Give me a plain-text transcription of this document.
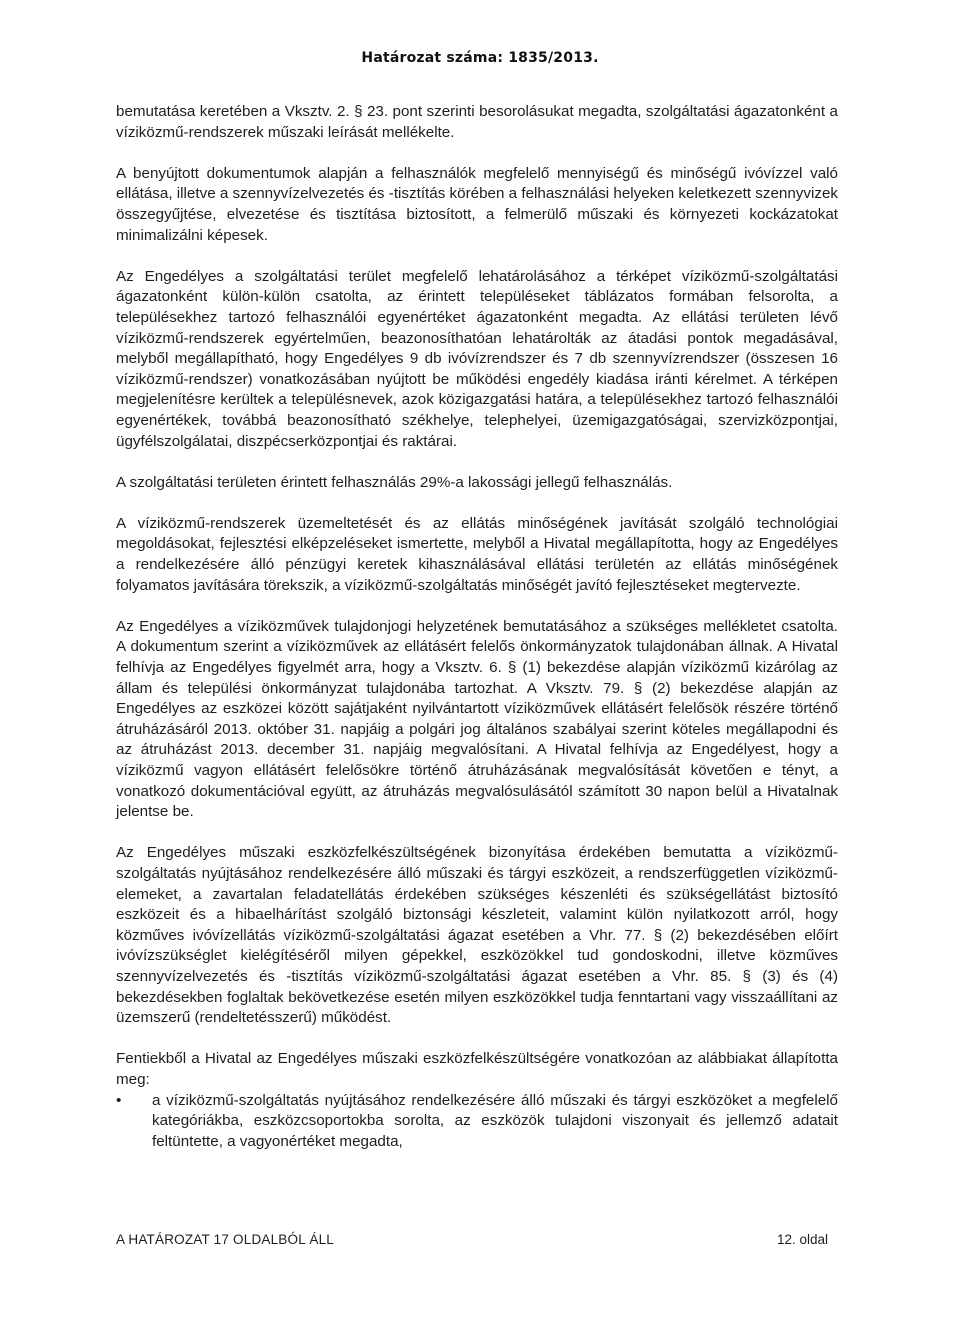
Határozat száma: 1835/2013.

bemutatása keretében a Vksztv. 2. § 23. pont szerinti besorolásukat megadta, szolgáltatási ágazatonként a víziközmű-rendszerek műszaki leírását mellékelte.

A benyújtott dokumentumok alapján a felhasználók megfelelő mennyiségű és minőségű ivóvízzel való ellátása, illetve a szennyvízelvezetés és -tisztítás körében a felhasználási helyeken keletkezett szennyvizek összegyűjtése, elvezetése és tisztítása biztosított, a felmerülő műszaki és környezeti kockázatokat minimalizálni képesek.

Az Engedélyes a szolgáltatási terület megfelelő lehatárolásához a térképet víziközmű-szolgáltatási ágazatonként külön-külön csatolta, az érintett településeket táblázatos formában felsorolta, a településekhez tartozó felhasználói egyenértéket ágazatonként megadta. Az ellátási területen lévő víziközmű-rendszerek egyértelműen, beazonosíthatóan lehatárolták az átadási pontok megadásával, melyből megállapítható, hogy Engedélyes 9 db ivóvízrendszer és 7 db szennyvízrendszer (összesen 16 víziközmű-rendszer) vonatkozásában nyújtott be működési engedély kiadása iránti kérelmet. A térképen megjelenítésre kerültek a településnevek, azok közigazgatási határa, a településekhez tartozó felhasználói egyenértékek, továbbá beazonosítható székhelye, telephelyei, üzemigazgatóságai, szervizközpontjai, ügyfélszolgálatai, diszpécserközpontjai és raktárai.

A szolgáltatási területen érintett felhasználás 29%-a lakossági jellegű felhasználás.

A víziközmű-rendszerek üzemeltetését és az ellátás minőségének javítását szolgáló technológiai megoldásokat, fejlesztési elképzeléseket ismertette, melyből a Hivatal megállapította, hogy az Engedélyes a rendelkezésére álló pénzügyi keretek kihasználásával ellátási területén az ellátás minőségének folyamatos javítására törekszik, a víziközmű-szolgáltatás minőségét javító fejlesztéseket megtervezte.

Az Engedélyes a víziközművek tulajdonjogi helyzetének bemutatásához a szükséges mellékletet csatolta. A dokumentum szerint a víziközművek az ellátásért felelős önkormányzatok tulajdonában állnak. A Hivatal felhívja az Engedélyes figyelmét arra, hogy a Vksztv. 6. § (1) bekezdése alapján víziközmű kizárólag az állam és települési önkormányzat tulajdonába tartozhat. A Vksztv. 79. § (2) bekezdése alapján az Engedélyes az eszközei között sajátjaként nyilvántartott víziközművek ellátásért felelősök részére történő átruházásáról 2013. október 31. napjáig a polgári jog általános szabályai szerint köteles megállapodni és az átruházást 2013. december 31. napjáig megvalósítani. A Hivatal felhívja az Engedélyest, hogy a víziközmű vagyon ellátásért felelősökre történő átruházásának megvalósítását követően e tényt, a vonatkozó dokumentációval együtt, az átruházás megvalósulásától számított 30 napon belül a Hivatalnak jelentse be.

Az Engedélyes műszaki eszközfelkészültségének bizonyítása érdekében bemutatta a víziközmű-szolgáltatás nyújtásához rendelkezésére álló műszaki és tárgyi eszközeit, a rendszerfüggetlen víziközmű-elemeket, a zavartalan feladatellátás érdekében szükséges készenléti és szükségellátást biztosító eszközeit és a hibaelhárítást szolgáló biztonsági készleteit, valamint külön nyilatkozott arról, hogy közműves ivóvízellátás víziközmű-szolgáltatási ágazat esetében a Vhr. 77. § (2) bekezdésében előírt ivóvízszükséglet kielégítéséről milyen gépekkel, eszközökkel tud gondoskodni, illetve közműves szennyvízelvezetés és -tisztítás víziközmű-szolgáltatási ágazat esetében a Vhr. 85. § (3) és (4) bekezdésekben foglaltak bekövetkezése esetén milyen eszközökkel tudja fenntartani vagy visszaállítani az üzemszerű (rendeltetésszerű) működést.

Fentiekből a Hivatal az Engedélyes műszaki eszközfelkészültségére vonatkozóan az alábbiakat állapította meg:

•	a víziközmű-szolgáltatás nyújtásához rendelkezésére álló műszaki és tárgyi eszközöket a megfelelő kategóriákba, eszközcsoportokba sorolta, az eszközök tulajdoni viszonyait és jellemző adatait feltüntette, a vagyonértéket megadta,
A HATÁROZAT 17 OLDALBÓL ÁLL	12. oldal
